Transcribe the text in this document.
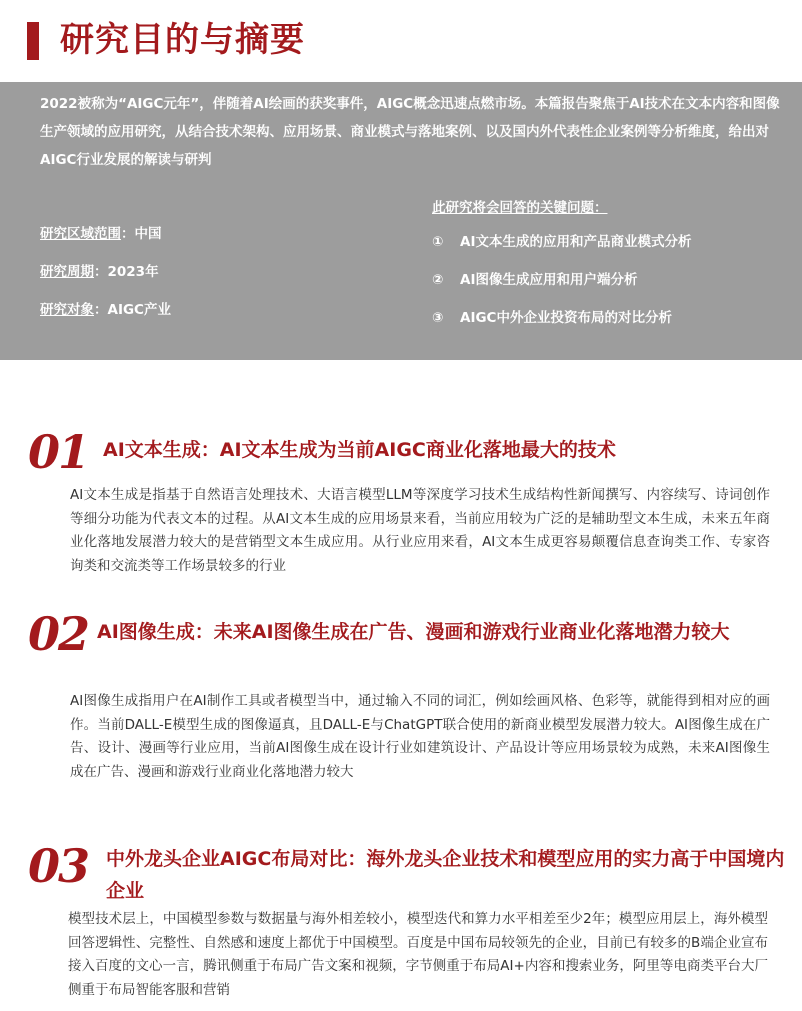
研究目的与摘要

2022被称为“AIGC元年”，伴随着AI绘画的获奖事件，AIGC概念迅速点燃市场。本篇报告聚焦于AI技术在文本内容和图像生产领域的应用研究，从结合技术架构、应用场景、商业模式与落地案例、以及国内外代表性企业案例等分析维度，给出对AIGC行业发展的解读与研判

研究区域范围：中国
研究周期：2023年
研究对象：AIGC产业

此研究将会回答的关键问题：

① AI文本生成的应用和产品商业模式分析
② AI图像生成应用和用户端分析
③ AIGC中外企业投资布局的对比分析
01 AI文本生成：AI文本生成为当前AIGC商业化落地最大的技术

AI文本生成是指基于自然语言处理技术、大语言模型LLM等深度学习技术生成结构性新闻撰写、内容续写、诗词创作等细分功能为代表文本的过程。从AI文本生成的应用场景来看，当前应用较为广泛的是辅助型文本生成，未来五年商业化落地发展潜力较大的是营销型文本生成应用。从行业应用来看，AI文本生成更容易颠覆信息查询类工作、专家咨询类和交流类等工作场景较多的行业

02 AI图像生成：未来AI图像生成在广告、漫画和游戏行业商业化落地潜力较大

AI图像生成指用户在AI制作工具或者模型当中，通过输入不同的词汇，例如绘画风格、色彩等，就能得到相对应的画作。当前DALL-E模型生成的图像逼真，且DALL-E与ChatGPT联合使用的新商业模型发展潜力较大。AI图像生成在广告、设计、漫画等行业应用，当前AI图像生成在设计行业如建筑设计、产品设计等应用场景较为成熟，未来AI图像生成在广告、漫画和游戏行业商业化落地潜力较大

03 中外龙头企业AIGC布局对比：海外龙头企业技术和模型应用的实力高于中国境内企业

模型技术层上，中国模型参数与数据量与海外相差较小，模型迭代和算力水平相差至少2年；模型应用层上，海外模型回答逻辑性、完整性、自然感和速度上都优于中国模型。百度是中国布局较领先的企业，目前已有较多的B端企业宣布接入百度的文心一言，腾讯侧重于布局广告文案和视频，字节侧重于布局AI+内容和搜索业务，阿里等电商类平台大厂侧重于布局智能客服和营销
